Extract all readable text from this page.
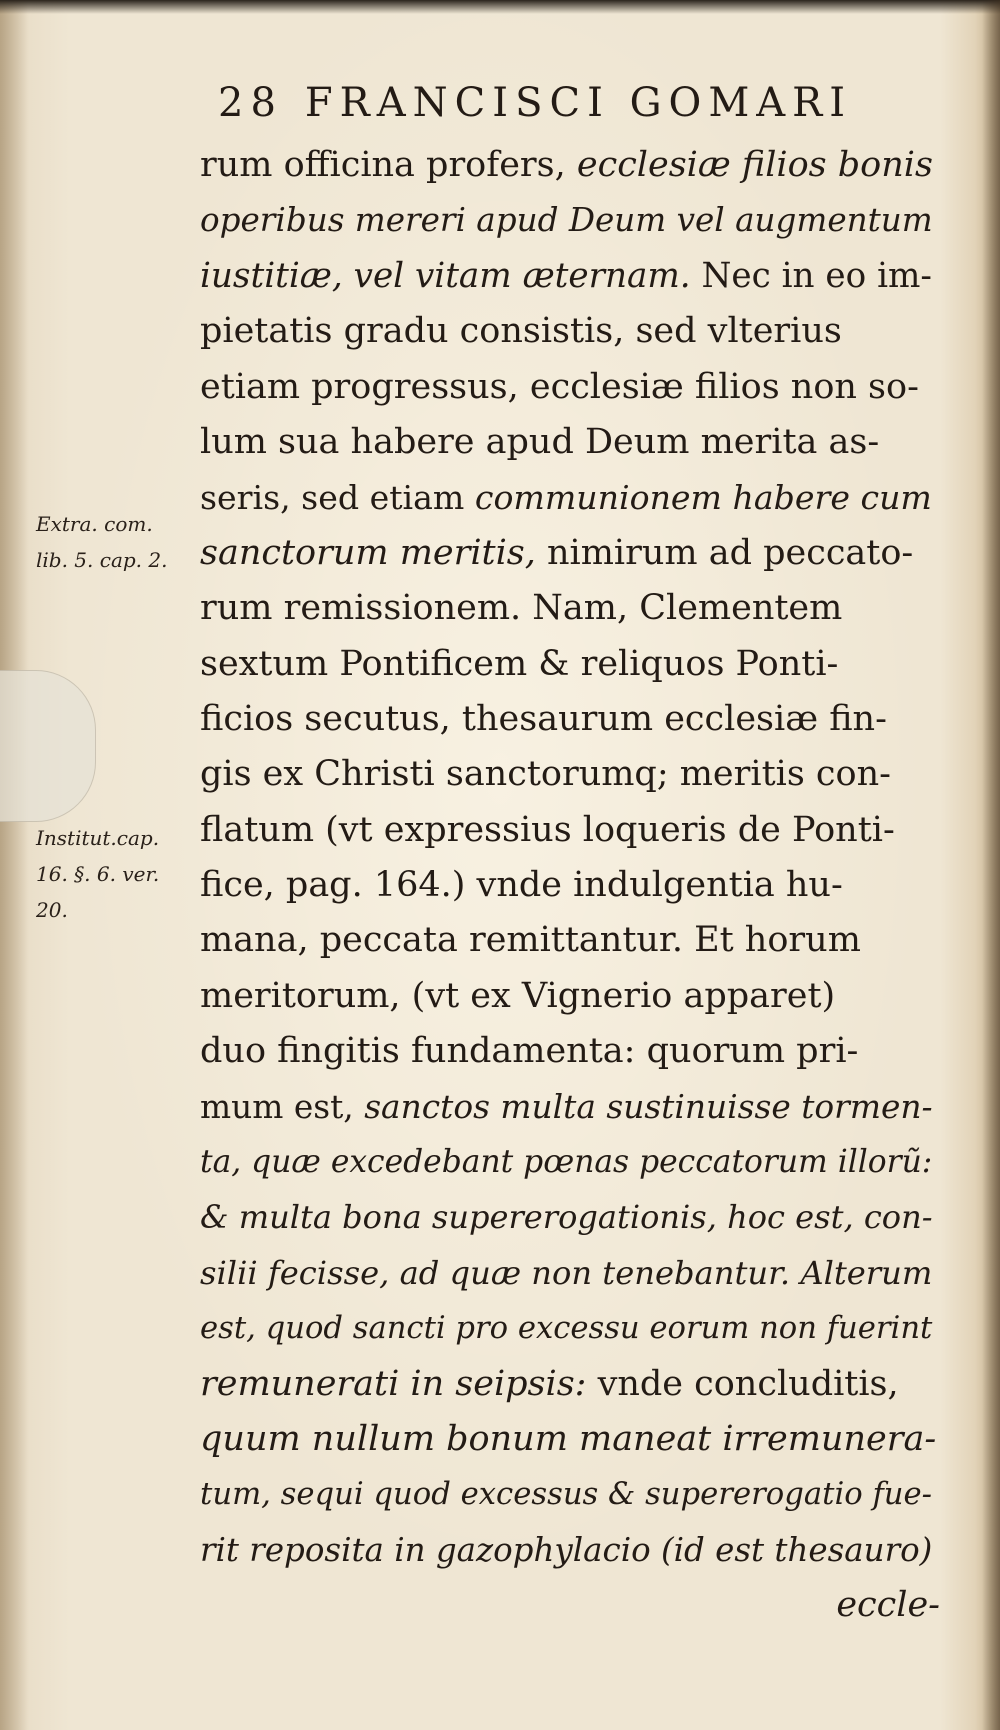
28 FRANCISCI GOMARI
Extra. com.
lib. 5. cap. 2.
Institut.cap.
16. §. 6. ver.
20.
rum officina profers, ecclesiæ filios bonis
operibus mereri apud Deum vel augmentum
iustitiæ, vel vitam æternam. Nec in eo im-
pietatis gradu consistis, sed vlterius
etiam progressus, ecclesiæ filios non so-
lum sua habere apud Deum merita as-
seris, sed etiam communionem habere cum
sanctorum meritis, nimirum ad peccato-
rum remissionem. Nam, Clementem
sextum Pontificem & reliquos Ponti-
ficios secutus, thesaurum ecclesiæ fin-
gis ex Christi sanctorumq; meritis con-
flatum (vt expressius loqueris de Ponti-
fice, pag. 164.) vnde indulgentia hu-
mana, peccata remittantur. Et horum
meritorum, (vt ex Vignerio apparet)
duo fingitis fundamenta: quorum pri-
mum est, sanctos multa sustinuisse tormen-
ta, quæ excedebant pœnas peccatorum illorũ:
& multa bona supererogationis, hoc est, con-
silii fecisse, ad quæ non tenebantur. Alterum
est, quod sancti pro excessu eorum non fuerint
remunerati in seipsis: vnde concluditis,
quum nullum bonum maneat irremunera-
tum, sequi quod excessus & supererogatio fue-
rit reposita in gazophylacio (id est thesauro)
eccle-
